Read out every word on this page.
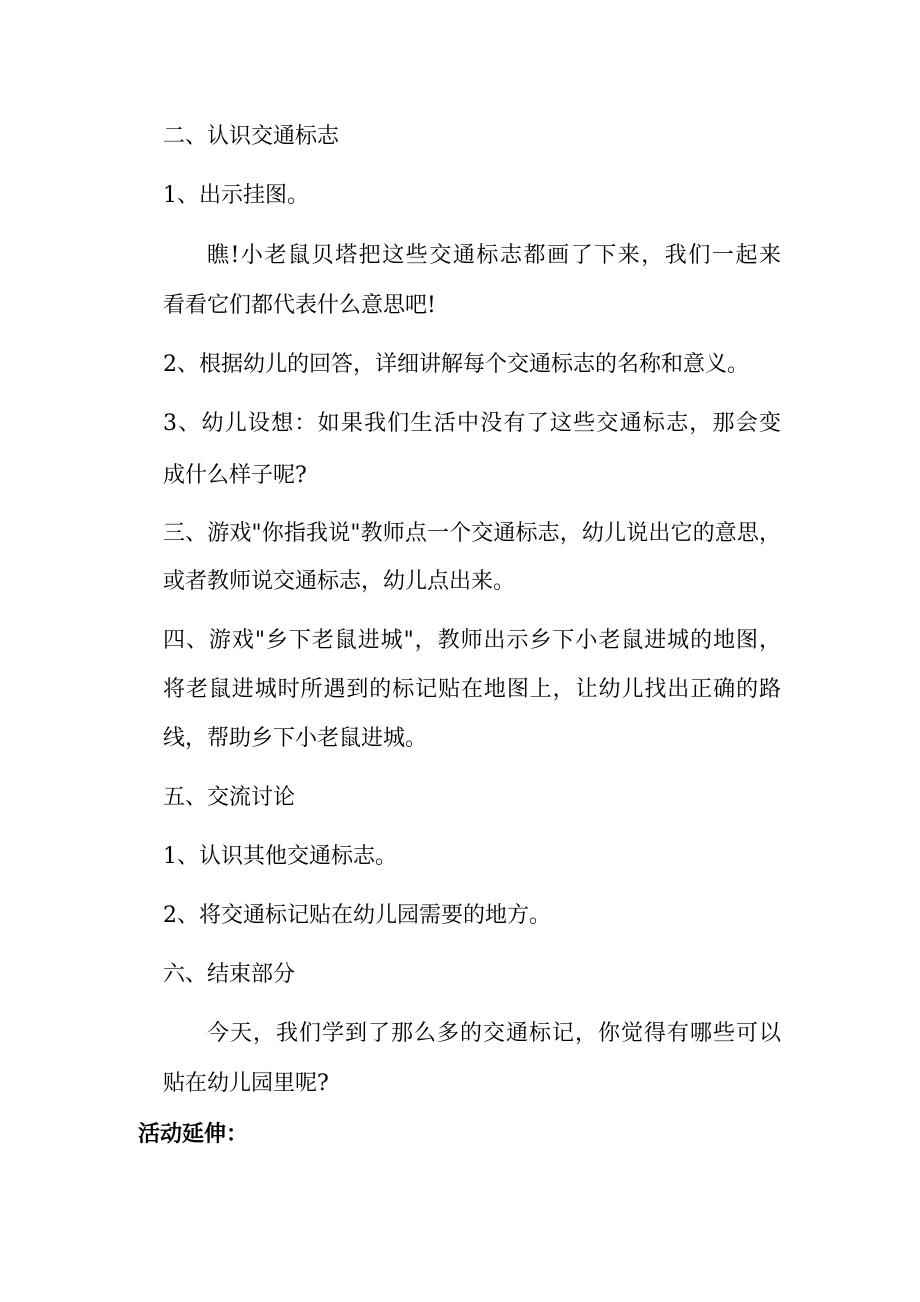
二、认识交通标志
1、出示挂图。
瞧!小老鼠贝塔把这些交通标志都画了下来，我们一起来
看看它们都代表什么意思吧!
2、根据幼儿的回答，详细讲解每个交通标志的名称和意义。
3、幼儿设想：如果我们生活中没有了这些交通标志，那会变
成什么样子呢?
三、游戏"你指我说"教师点一个交通标志，幼儿说出它的意思，
或者教师说交通标志，幼儿点出来。
四、游戏"乡下老鼠进城"，教师出示乡下小老鼠进城的地图，
将老鼠进城时所遇到的标记贴在地图上，让幼儿找出正确的路
线，帮助乡下小老鼠进城。
五、交流讨论
1、认识其他交通标志。
2、将交通标记贴在幼儿园需要的地方。
六、结束部分
今天，我们学到了那么多的交通标记，你觉得有哪些可以
贴在幼儿园里呢?
活动延伸：
